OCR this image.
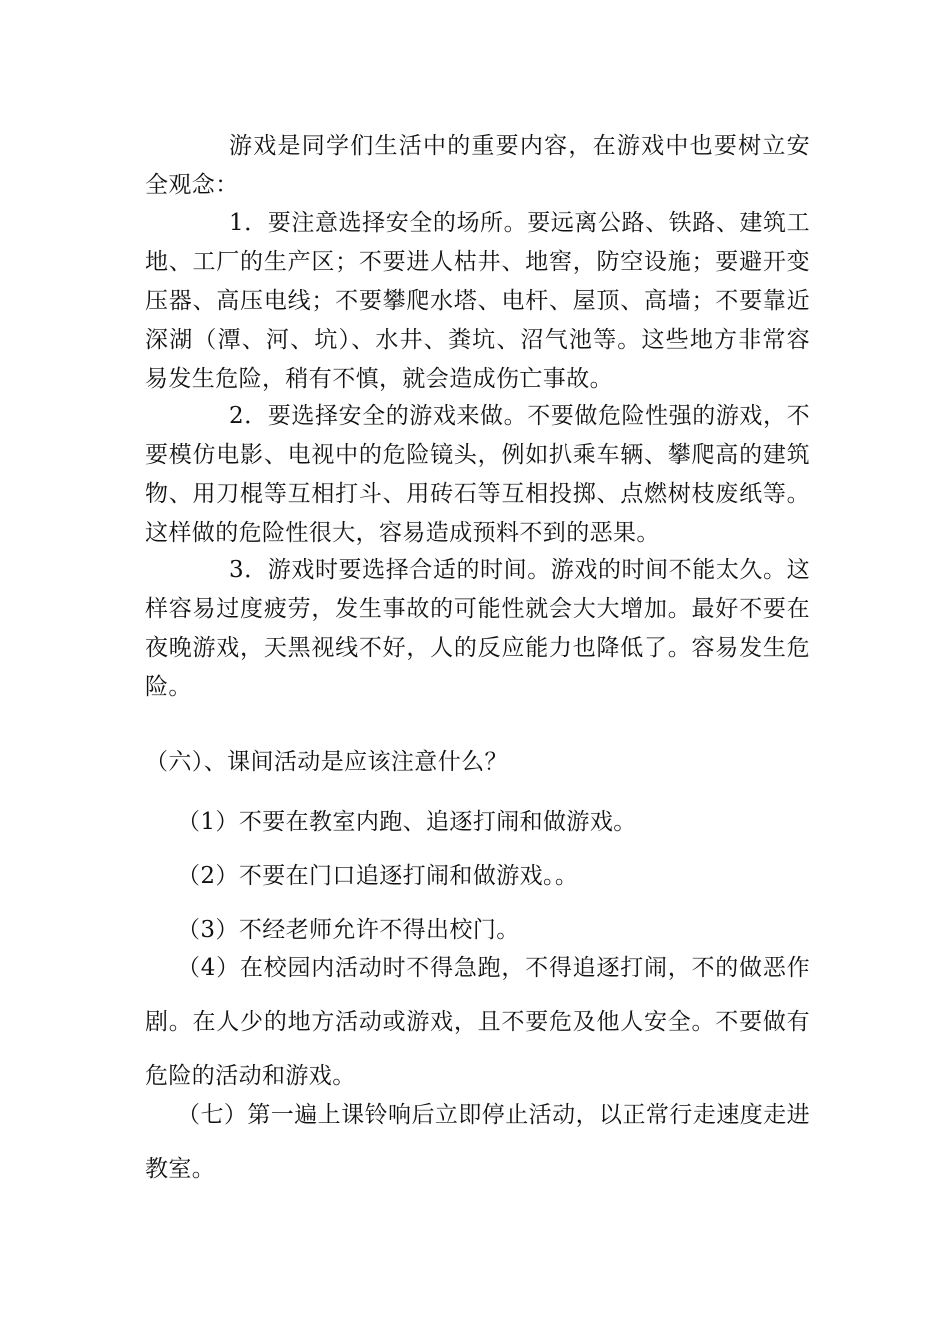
游戏是同学们生活中的重要内容，在游戏中也要树立安全观念：

1．要注意选择安全的场所。要远离公路、铁路、建筑工地、工厂的生产区；不要进人枯井、地窖，防空设施；要避开变压器、高压电线；不要攀爬水塔、电杆、屋顶、高墙；不要靠近深湖（潭、河、坑）、水井、粪坑、沼气池等。这些地方非常容易发生危险，稍有不慎，就会造成伤亡事故。

2．要选择安全的游戏来做。不要做危险性强的游戏，不要模仿电影、电视中的危险镜头，例如扒乘车辆、攀爬高的建筑物、用刀棍等互相打斗、用砖石等互相投掷、点燃树枝废纸等。这样做的危险性很大，容易造成预料不到的恶果。

3．游戏时要选择合适的时间。游戏的时间不能太久。这样容易过度疲劳，发生事故的可能性就会大大增加。最好不要在夜晚游戏，天黑视线不好，人的反应能力也降低了。容易发生危险。

（六）、课间活动是应该注意什么？

（1）不要在教室内跑、追逐打闹和做游戏。

（2）不要在门口追逐打闹和做游戏。。

（3）不经老师允许不得出校门。

（4）在校园内活动时不得急跑，不得追逐打闹，不的做恶作剧。在人少的地方活动或游戏，且不要危及他人安全。不要做有危险的活动和游戏。

（七）第一遍上课铃响后立即停止活动，以正常行走速度走进教室。
